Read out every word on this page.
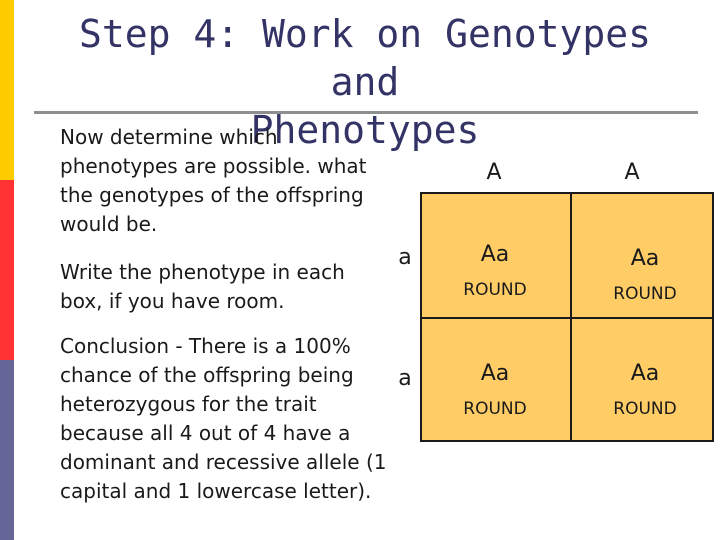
Step 4: Work on Genotypes and
Phenotypes

Now determine which phenotypes are possible. what the genotypes of the offspring would be.

Write the phenotype in each box, if you have room.

Conclusion - There is a 100% chance of the offspring being heterozygous for the trait because all 4 out of 4 have a dominant and recessive allele (1 capital and 1 lowercase letter).

A	A
a
a
Aa
ROUND
Aa
ROUND
Aa
ROUND
Aa
ROUND
